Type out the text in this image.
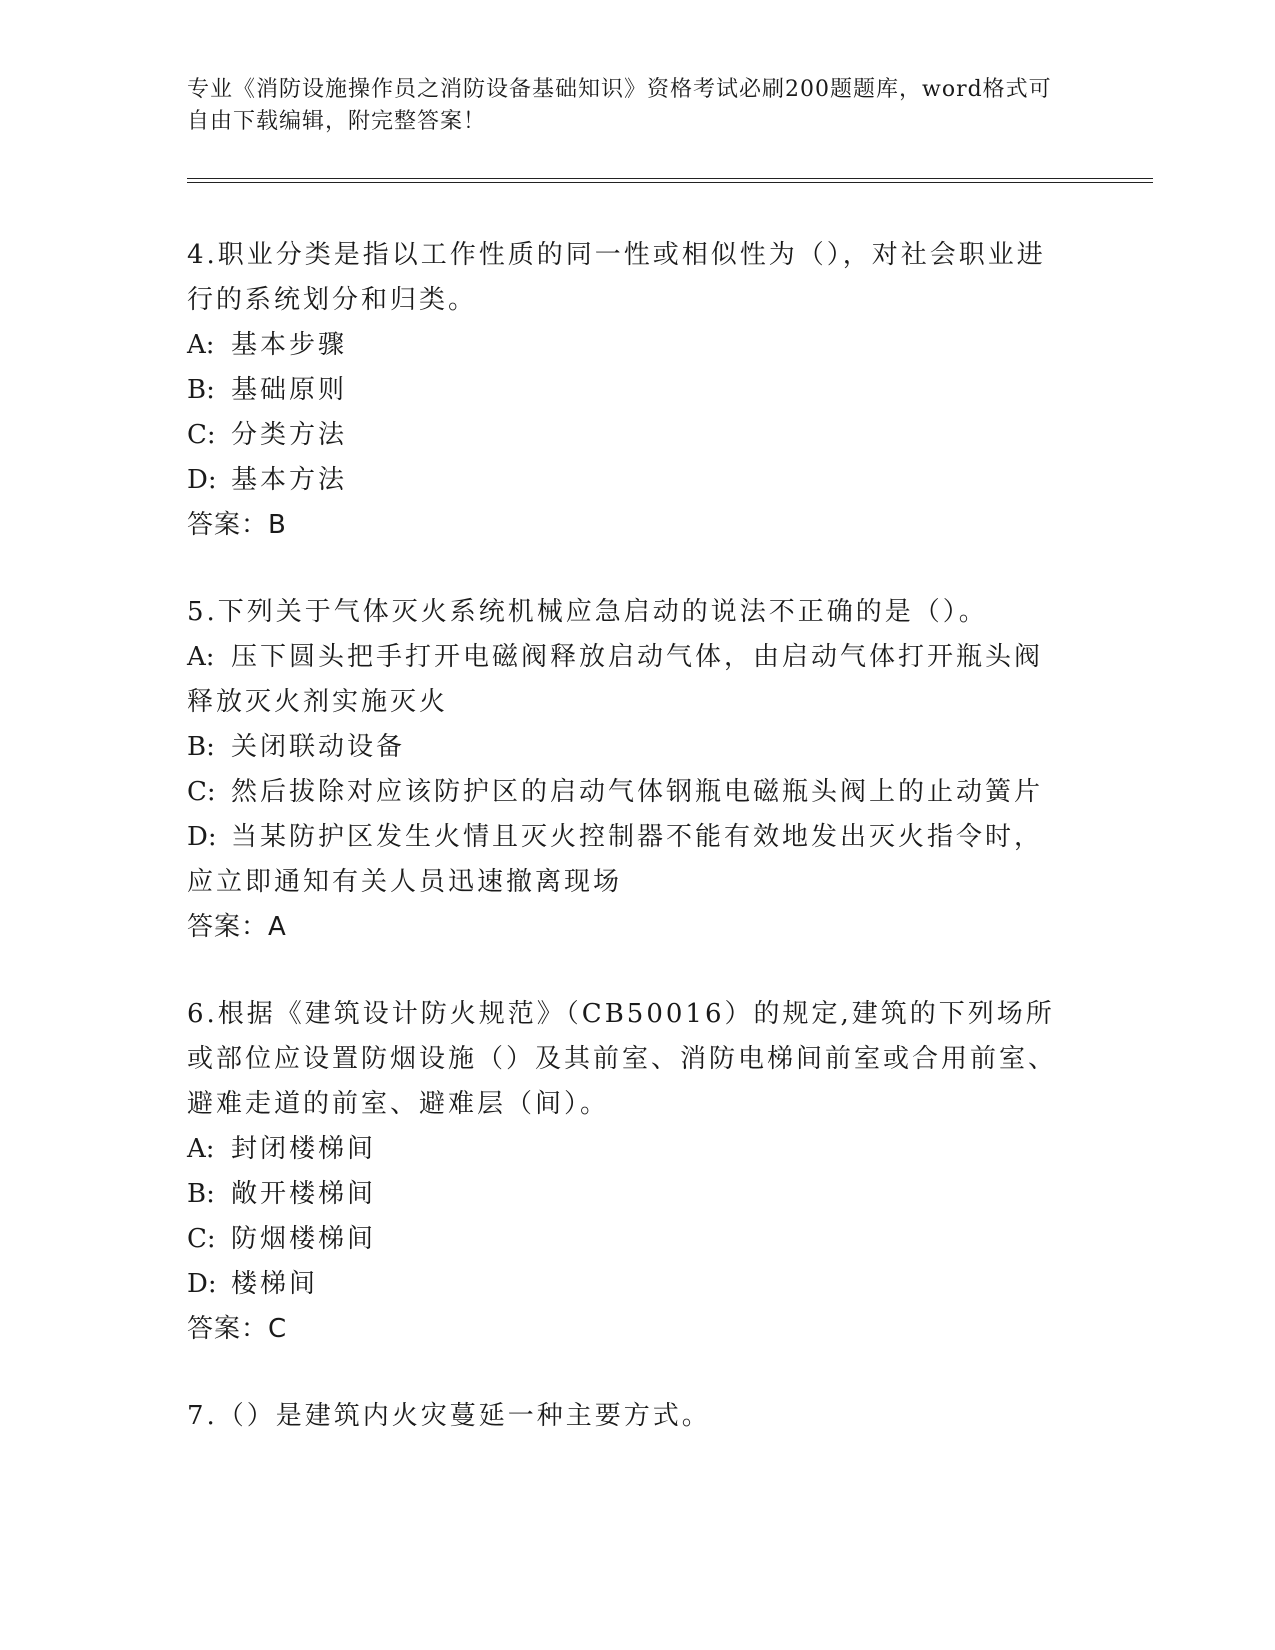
专业《消防设施操作员之消防设备基础知识》资格考试必刷200题题库，word格式可自由下载编辑，附完整答案！

4.职业分类是指以工作性质的同一性或相似性为（），对社会职业进行的系统划分和归类。

A: 基本步骤

B: 基础原则

C: 分类方法

D: 基本方法

答案：B

5.下列关于气体灭火系统机械应急启动的说法不正确的是（）。

A: 压下圆头把手打开电磁阀释放启动气体，由启动气体打开瓶头阀释放灭火剂实施灭火

B: 关闭联动设备

C: 然后拔除对应该防护区的启动气体钢瓶电磁瓶头阀上的止动簧片

D: 当某防护区发生火情且灭火控制器不能有效地发出灭火指令时，应立即通知有关人员迅速撤离现场

答案：A

6.根据《建筑设计防火规范》（CB50016）的规定,建筑的下列场所或部位应设置防烟设施（）及其前室、消防电梯间前室或合用前室、避难走道的前室、避难层（间）。

A: 封闭楼梯间

B: 敞开楼梯间

C: 防烟楼梯间

D: 楼梯间

答案：C

7.（）是建筑内火灾蔓延一种主要方式。
